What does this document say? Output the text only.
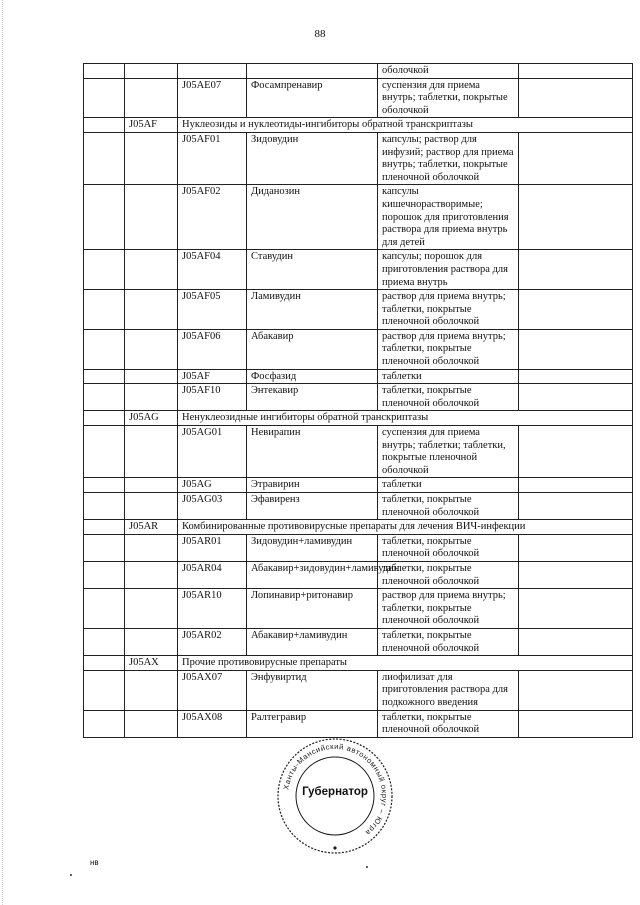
88
				оболочкой	
		J05AE07	Фосампренавир	суспензия для приема внутрь; таблетки, покрытые оболочкой	
	J05AF	Нуклеозиды и нуклеотиды-ингибиторы обратной транскриптазы			
		J05AF01	Зидовудин	капсулы; раствор для инфузий; раствор для приема внутрь; таблетки, покрытые пленочной оболочкой	
		J05AF02	Диданозин	капсулы кишечнорастворимые; порошок для приготовления раствора для приема внутрь для детей	
		J05AF04	Ставудин	капсулы; порошок для приготовления раствора для приема внутрь	
		J05AF05	Ламивудин	раствор для приема внутрь; таблетки, покрытые пленочной оболочкой	
		J05AF06	Абакавир	раствор для приема внутрь; таблетки, покрытые пленочной оболочкой	
		J05AF	Фосфазид	таблетки	
		J05AF10	Энтекавир	таблетки, покрытые пленочной оболочкой	
	J05AG	Ненуклеозидные ингибиторы обратной транскриптазы			
		J05AG01	Невирапин	суспензия для приема внутрь; таблетки; таблетки, покрытые пленочной оболочкой	
		J05AG	Этравирин	таблетки	
		J05AG03	Эфавиренз	таблетки, покрытые пленочной оболочкой	
	J05AR	Комбинированные противовирусные препараты для лечения ВИЧ-инфекции			
		J05AR01	Зидовудин+ламивудин	таблетки, покрытые пленочной оболочкой	
		J05AR04	Абакавир+зидовудин+ламивудин	таблетки, покрытые пленочной оболочкой	
		J05AR10	Лопинавир+ритонавир	раствор для приема внутрь; таблетки, покрытые пленочной оболочкой	
		J05AR02	Абакавир+ламивудин	таблетки, покрытые пленочной оболочкой	
	J05AX	Прочие противовирусные препараты			
		J05AX07	Энфувиртид	лиофилизат для приготовления раствора для подкожного введения	
		J05AX08	Ралтегравир	таблетки, покрытые пленочной оболочкой	
Ханты-Мансийский автономный округ – Югра
Губернатор
нв
